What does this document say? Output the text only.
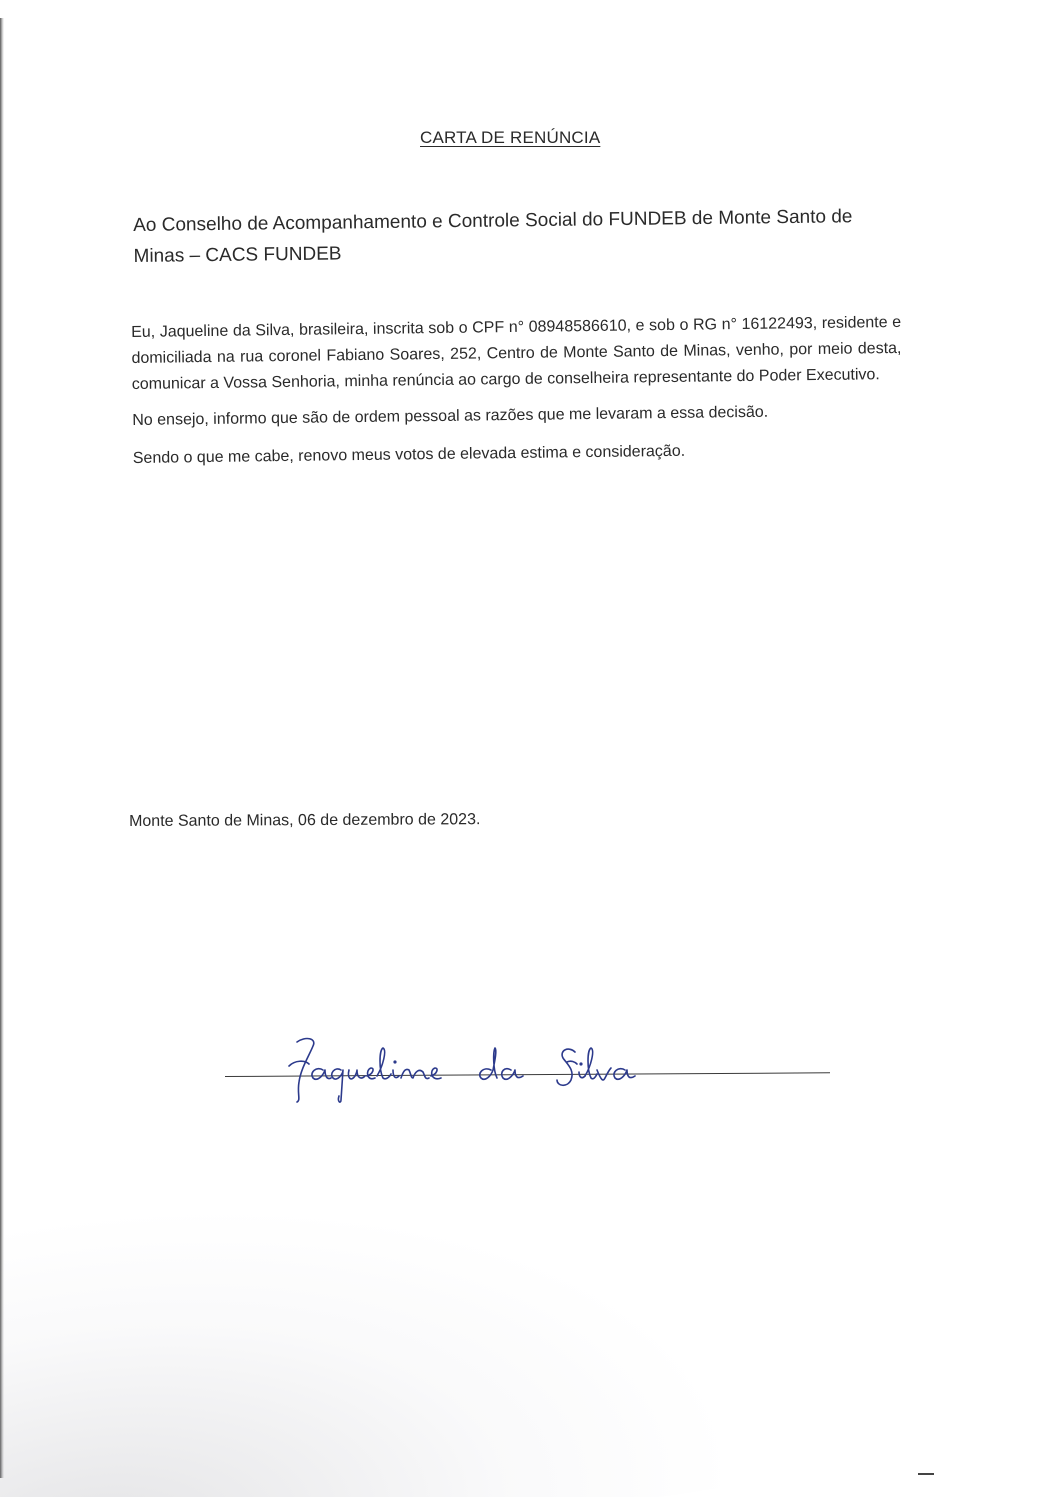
CARTA DE RENÚNCIA
Ao Conselho de Acompanhamento e Controle Social do FUNDEB de Monte Santo de Minas – CACS FUNDEB

Eu, Jaqueline da Silva, brasileira, inscrita sob o CPF n° 08948586610, e sob o RG n° 16122493, residente e domiciliada na rua coronel Fabiano Soares, 252, Centro de Monte Santo de Minas, venho, por meio desta, comunicar a Vossa Senhoria, minha renúncia ao cargo de conselheira representante do Poder Executivo.

No ensejo, informo que são de ordem pessoal as razões que me levaram a essa decisão.

Sendo o que me cabe, renovo meus votos de elevada estima e consideração.

Monte Santo de Minas, 06 de dezembro de 2023.
